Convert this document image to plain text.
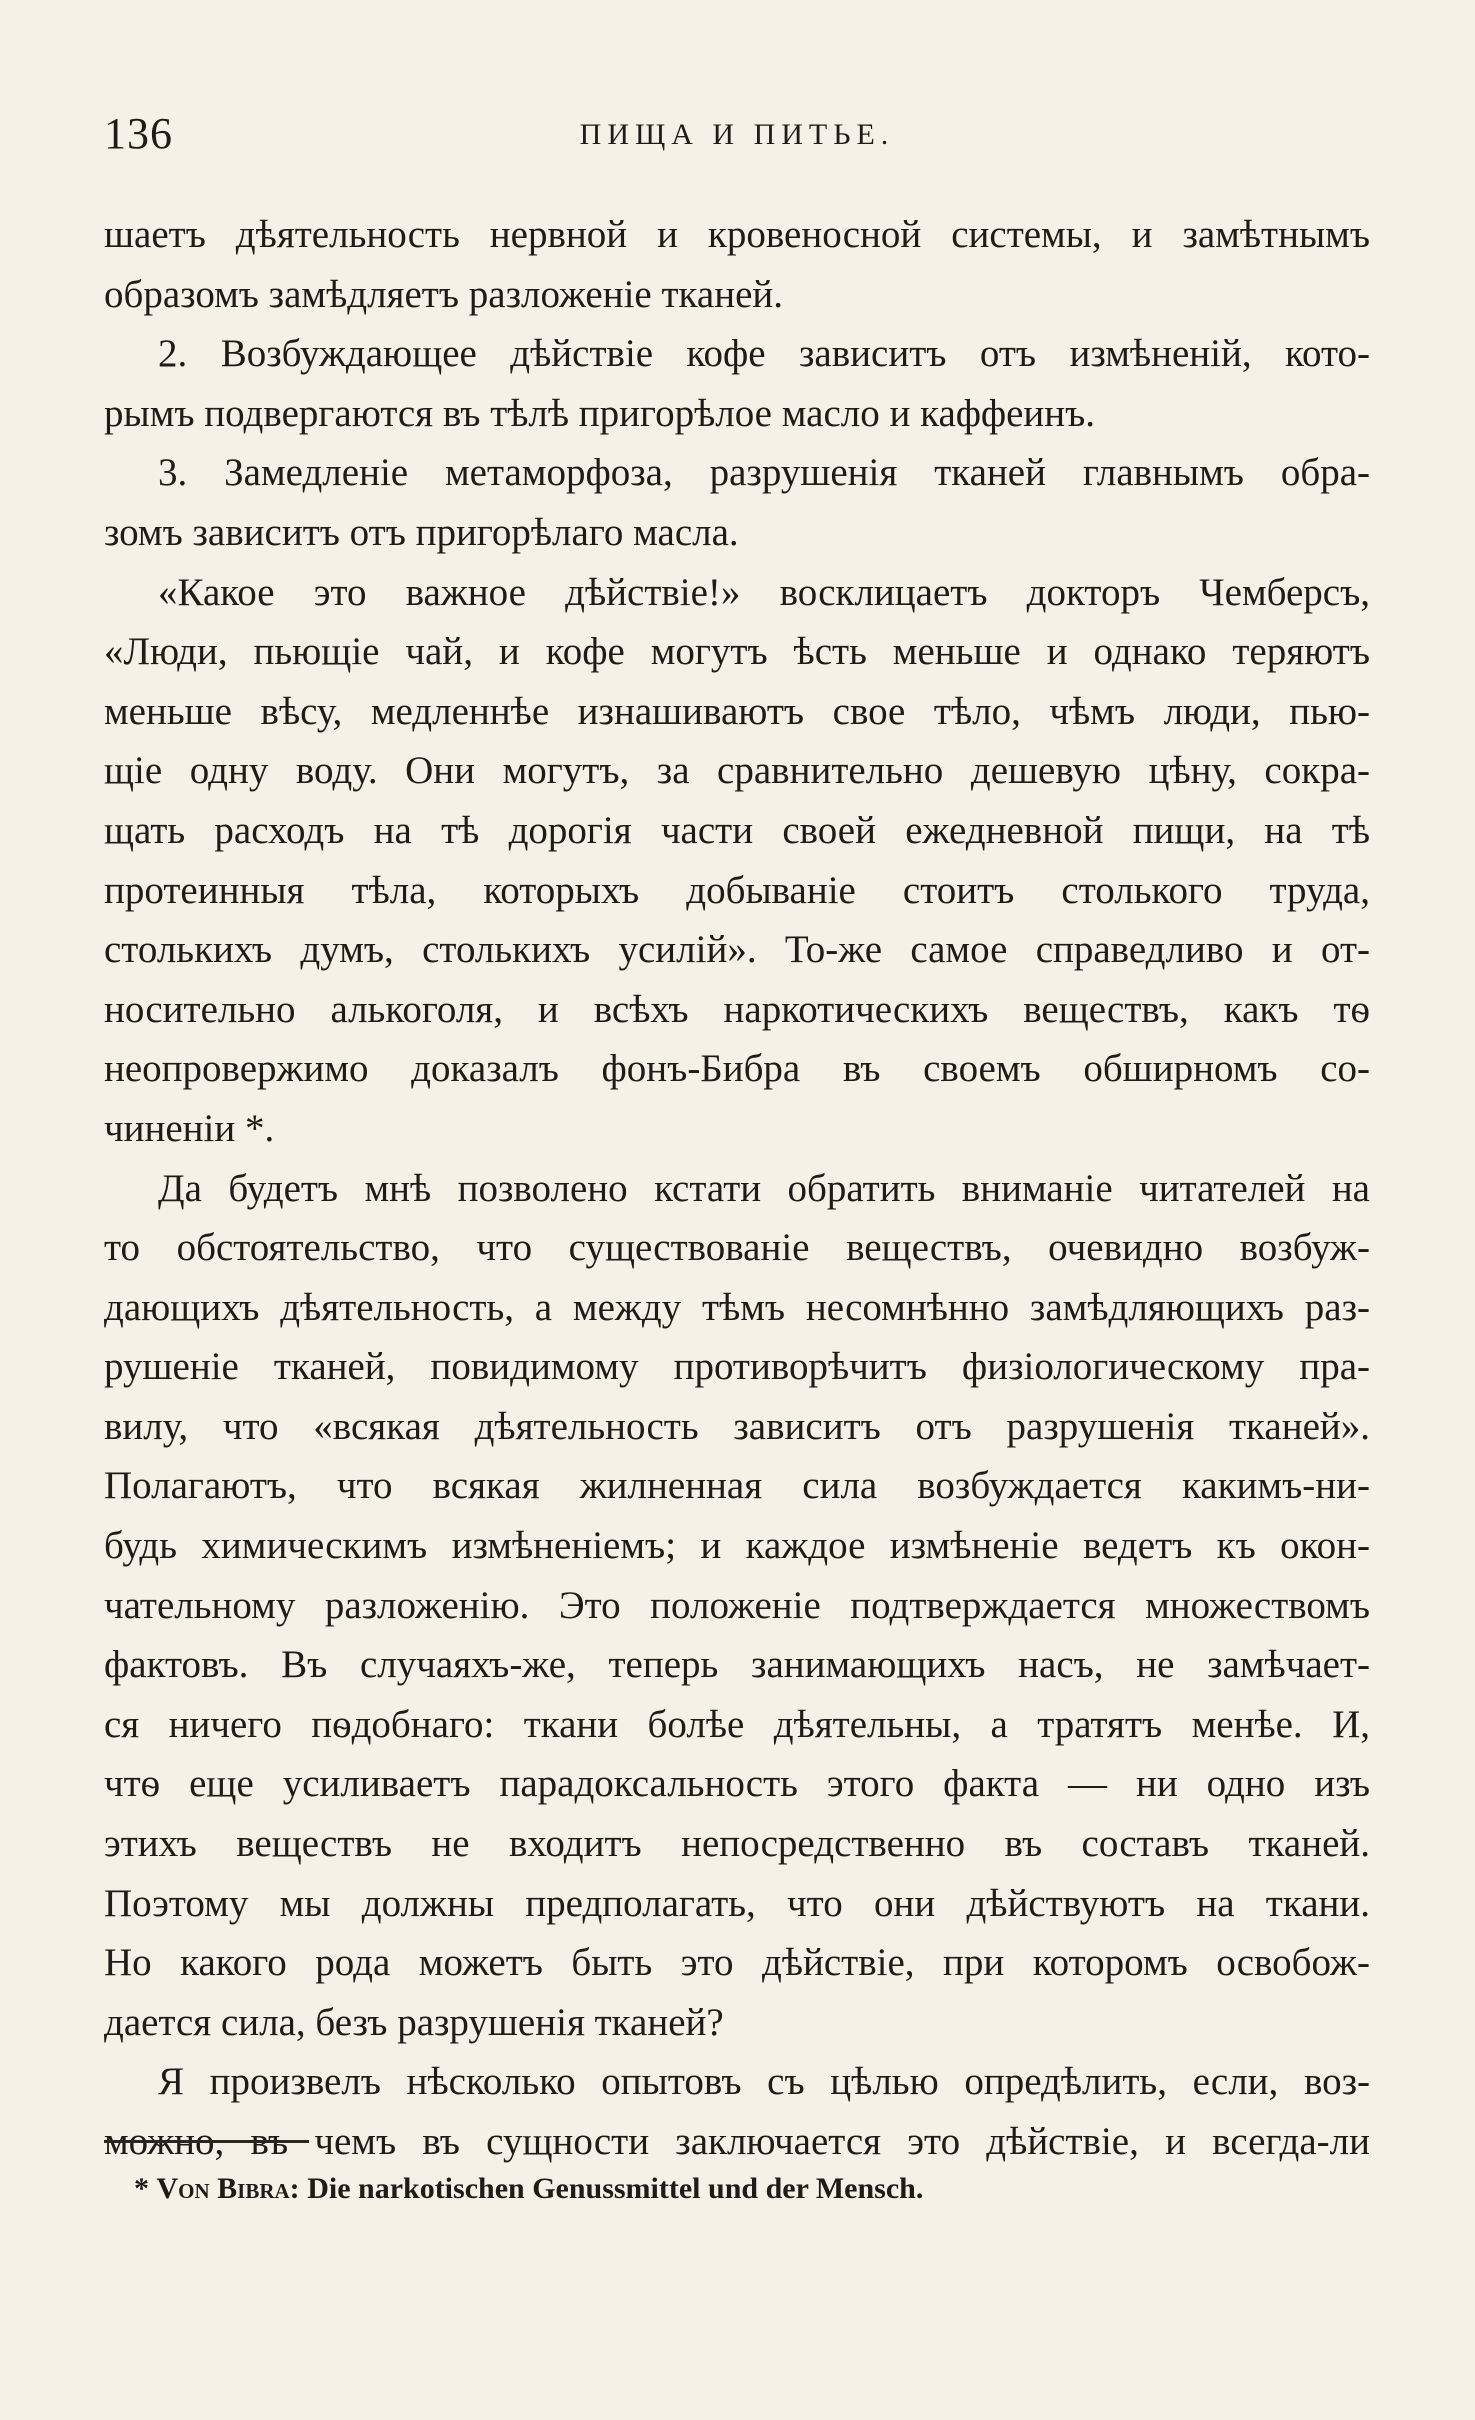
136	ПИЩА И ПИТЬЕ.
шаетъ дѣятельность нервной и кровеносной системы, и замѣтнымъ
образомъ замѣдляетъ разложеніе тканей.
2. Возбуждающее дѣйствіе кофе зависитъ отъ измѣненій, кото-
рымъ подвергаются въ тѣлѣ пригорѣлое масло и каффеинъ.
3. Замедленіе метаморфоза, разрушенія тканей главнымъ обра-
зомъ зависитъ отъ пригорѣлаго масла.
«Какое это важное дѣйствіе!» восклицаетъ докторъ Чемберсъ,
«Люди, пьющіе чай, и кофе могутъ ѣсть меньше и однако теряютъ
меньше вѣсу, медленнѣе изнашиваютъ свое тѣло, чѣмъ люди, пью-
щіе одну воду. Они могутъ, за сравнительно дешевую цѣну, сокра-
щать расходъ на тѣ дорогія части своей ежедневной пищи, на тѣ
протеинныя тѣла, которыхъ добываніе стоитъ столького труда,
столькихъ думъ, столькихъ усилій». То-же самое справедливо и от-
носительно алькоголя, и всѣхъ наркотическихъ веществъ, какъ тѳ
неопровержимо доказалъ фонъ-Бибра въ своемъ обширномъ со-
чиненіи *.
Да будетъ мнѣ позволено кстати обратить вниманіе читателей на
то обстоятельство, что существованіе веществъ, очевидно возбуж-
дающихъ дѣятельность, а между тѣмъ несомнѣнно замѣдляющихъ раз-
рушеніе тканей, повидимому противорѣчитъ физіологическому пра-
вилу, что «всякая дѣятельность зависитъ отъ разрушенія тканей».
Полагаютъ, что всякая жилненная сила возбуждается какимъ-ни-
будь химическимъ измѣненіемъ; и каждое измѣненіе ведетъ къ окон-
чательному разложенію. Это положеніе подтверждается множествомъ
фактовъ. Въ случаяхъ-же, теперь занимающихъ насъ, не замѣчает-
ся ничего пѳдобнаго: ткани болѣе дѣятельны, а тратятъ менѣе. И,
чтѳ еще усиливаетъ парадоксальность этого факта — ни одно изъ
этихъ веществъ не входитъ непосредственно въ составъ тканей.
Поэтому мы должны предполагать, что они дѣйствуютъ на ткани.
Но какого рода можетъ быть это дѣйствіе, при которомъ освобож-
дается сила, безъ разрушенія тканей?
Я произвелъ нѣсколько опытовъ съ цѣлью опредѣлить, если, воз-
можно, въ чемъ въ сущности заключается это дѣйствіе, и всегда-ли
* Von Bibra: Die narkotischen Genussmittel und der Mensch.
